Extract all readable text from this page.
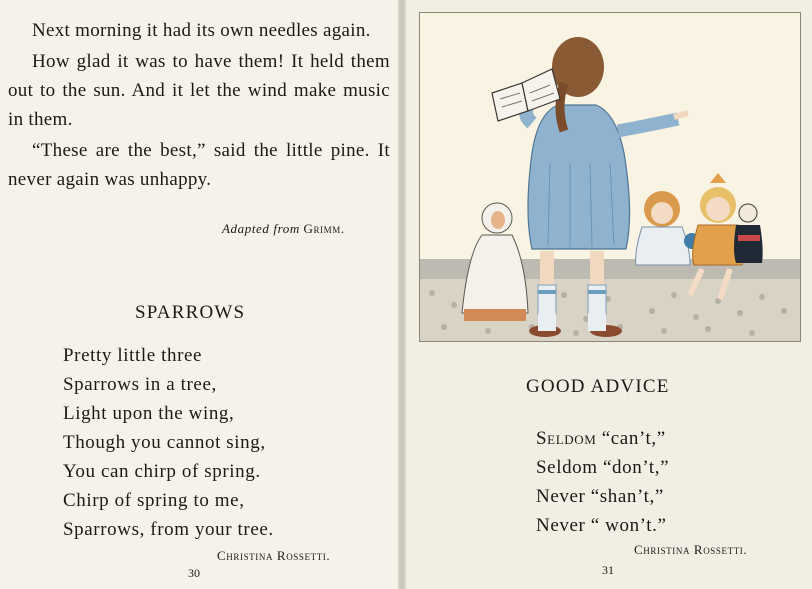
Next morning it had its own needles again.

How glad it was to have them! It held them out to the sun. And it let the wind make music in them.

“These are the best,” said the little pine. It never again was unhappy.

Adapted from Grimm.
SPARROWS
Pretty little three
Sparrows in a tree,
Light upon the wing,
Though you cannot sing,
You can chirp of spring.
Chirp of spring to me,
Sparrows, from your tree.
Christina Rossetti.
30
GOOD ADVICE
Seldom “can’t,”
Seldom “don’t,”
Never “shan’t,”
Never “ won’t.”
Christina Rossetti.
31
